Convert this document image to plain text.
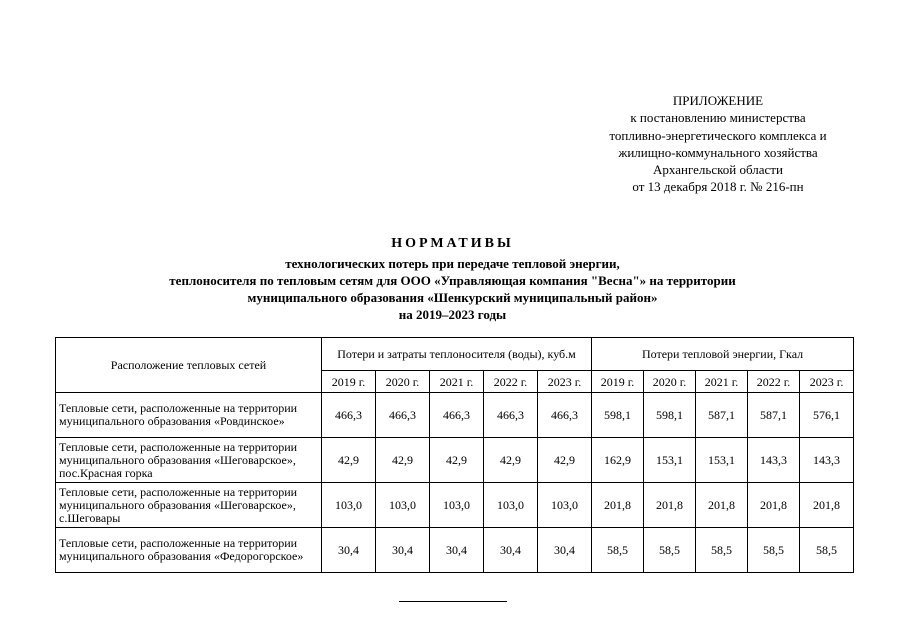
ПРИЛОЖЕНИЕ
к постановлению министерства
топливно-энергетического комплекса и
жилищно-коммунального хозяйства
Архангельской области
от 13 декабря 2018 г. № 216-пн
НОРМАТИВЫ
технологических потерь при передаче тепловой энергии,
теплоносителя по тепловым сетям для ООО «Управляющая компания "Весна"» на территории
муниципального образования «Шенкурский муниципальный район»
на 2019–2023 годы
Расположение тепловых сетей	Потери и затраты теплоносителя (воды), куб.м					Потери тепловой энергии, Гкал				
	2019 г.	2020 г.	2021 г.	2022 г.	2023 г.	2019 г.	2020 г.	2021 г.	2022 г.	2023 г.
Тепловые сети, расположенные на территории муниципального образования «Ровдинское»	466,3	466,3	466,3	466,3	466,3	598,1	598,1	587,1	587,1	576,1
Тепловые сети, расположенные на территории муниципального образования «Шеговарское», пос.Красная горка	42,9	42,9	42,9	42,9	42,9	162,9	153,1	153,1	143,3	143,3
Тепловые сети, расположенные на территории муниципального образования «Шеговарское», с.Шеговары	103,0	103,0	103,0	103,0	103,0	201,8	201,8	201,8	201,8	201,8
Тепловые сети, расположенные на территории муниципального образования «Федорогорское»	30,4	30,4	30,4	30,4	30,4	58,5	58,5	58,5	58,5	58,5
